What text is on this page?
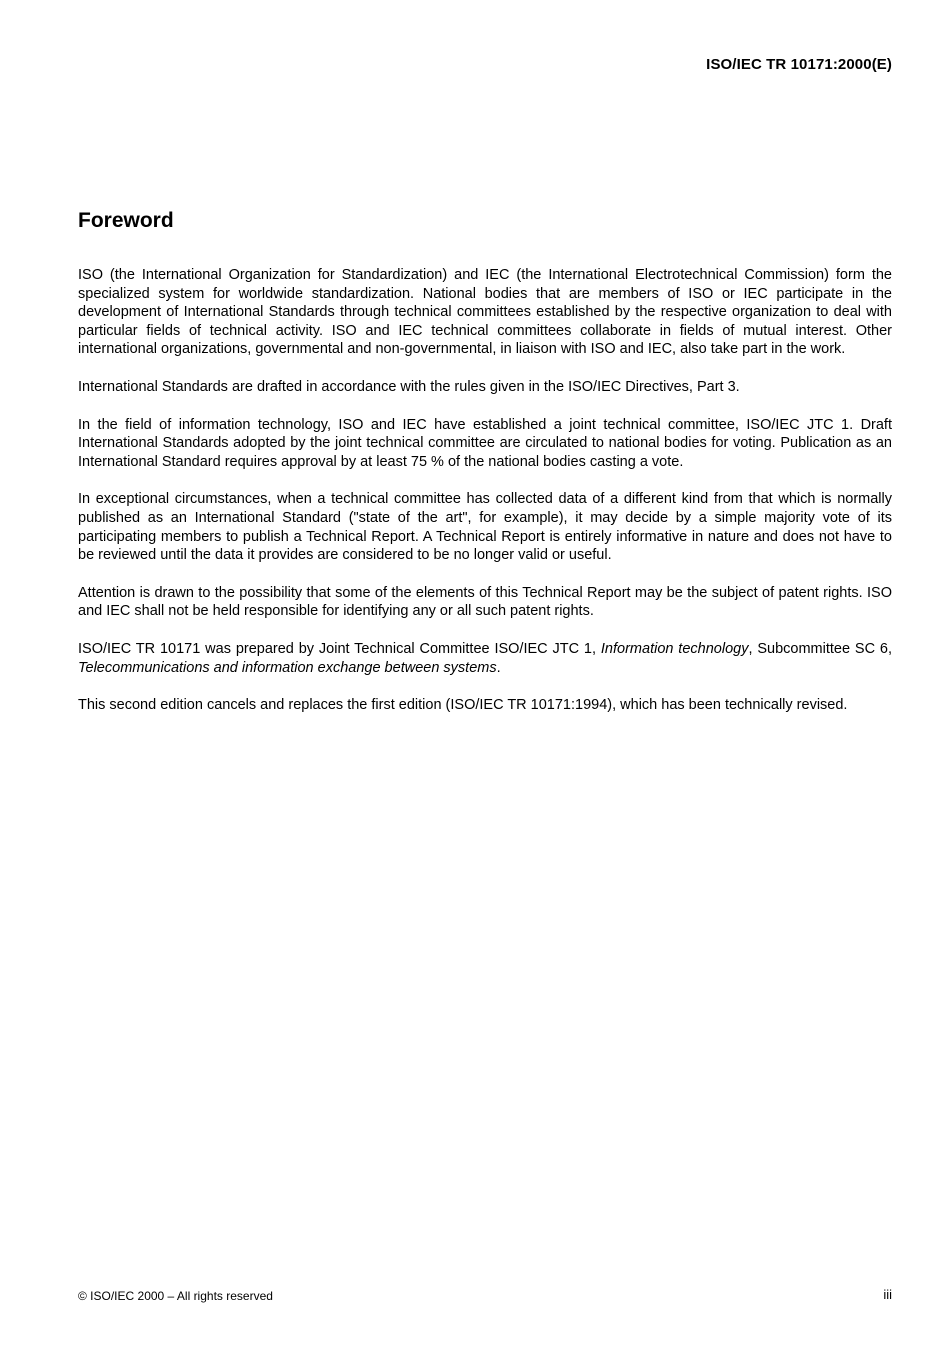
ISO/IEC TR 10171:2000(E)
Foreword

ISO (the International Organization for Standardization) and IEC (the International Electrotechnical Commission) form the specialized system for worldwide standardization. National bodies that are members of ISO or IEC participate in the development of International Standards through technical committees established by the respective organization to deal with particular fields of technical activity. ISO and IEC technical committees collaborate in fields of mutual interest. Other international organizations, governmental and non-governmental, in liaison with ISO and IEC, also take part in the work.

International Standards are drafted in accordance with the rules given in the ISO/IEC Directives, Part 3.

In the field of information technology, ISO and IEC have established a joint technical committee, ISO/IEC JTC 1. Draft International Standards adopted by the joint technical committee are circulated to national bodies for voting. Publication as an International Standard requires approval by at least 75 % of the national bodies casting a vote.

In exceptional circumstances, when a technical committee has collected data of a different kind from that which is normally published as an International Standard ("state of the art", for example), it may decide by a simple majority vote of its participating members to publish a Technical Report. A Technical Report is entirely informative in nature and does not have to be reviewed until the data it provides are considered to be no longer valid or useful.

Attention is drawn to the possibility that some of the elements of this Technical Report may be the subject of patent rights. ISO and IEC shall not be held responsible for identifying any or all such patent rights.

ISO/IEC TR 10171 was prepared by Joint Technical Committee ISO/IEC JTC 1, Information technology, Subcommittee SC 6, Telecommunications and information exchange between systems.

This second edition cancels and replaces the first edition (ISO/IEC TR 10171:1994), which has been technically revised.

© ISO/IEC 2000 – All rights reserved	iii
